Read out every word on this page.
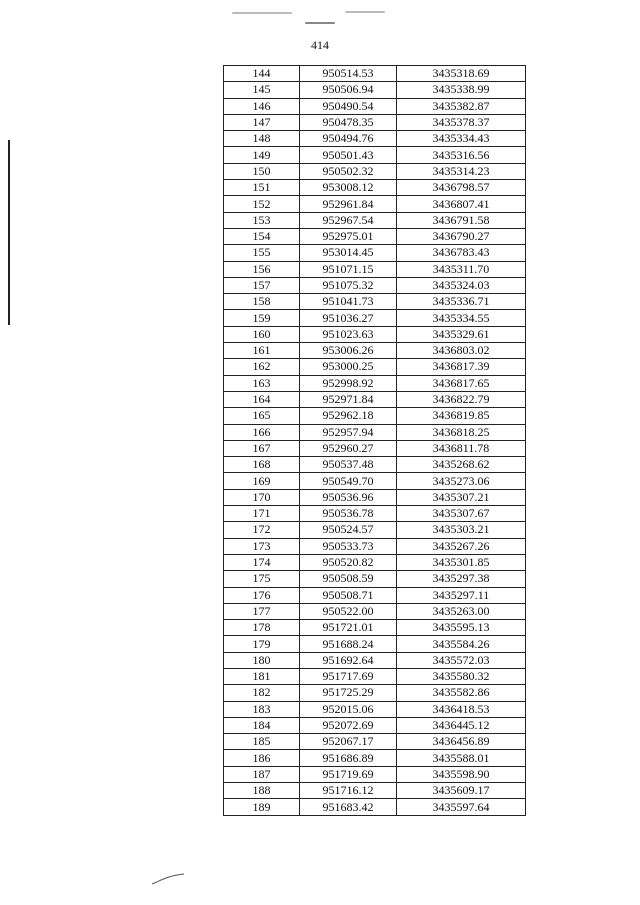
414
144	950514.53	3435318.69
145	950506.94	3435338.99
146	950490.54	3435382.87
147	950478.35	3435378.37
148	950494.76	3435334.43
149	950501.43	3435316.56
150	950502.32	3435314.23
151	953008.12	3436798.57
152	952961.84	3436807.41
153	952967.54	3436791.58
154	952975.01	3436790.27
155	953014.45	3436783.43
156	951071.15	3435311.70
157	951075.32	3435324.03
158	951041.73	3435336.71
159	951036.27	3435334.55
160	951023.63	3435329.61
161	953006.26	3436803.02
162	953000.25	3436817.39
163	952998.92	3436817.65
164	952971.84	3436822.79
165	952962.18	3436819.85
166	952957.94	3436818.25
167	952960.27	3436811.78
168	950537.48	3435268.62
169	950549.70	3435273.06
170	950536.96	3435307.21
171	950536.78	3435307.67
172	950524.57	3435303.21
173	950533.73	3435267.26
174	950520.82	3435301.85
175	950508.59	3435297.38
176	950508.71	3435297.11
177	950522.00	3435263.00
178	951721.01	3435595.13
179	951688.24	3435584.26
180	951692.64	3435572.03
181	951717.69	3435580.32
182	951725.29	3435582.86
183	952015.06	3436418.53
184	952072.69	3436445.12
185	952067.17	3436456.89
186	951686.89	3435588.01
187	951719.69	3435598.90
188	951716.12	3435609.17
189	951683.42	3435597.64
